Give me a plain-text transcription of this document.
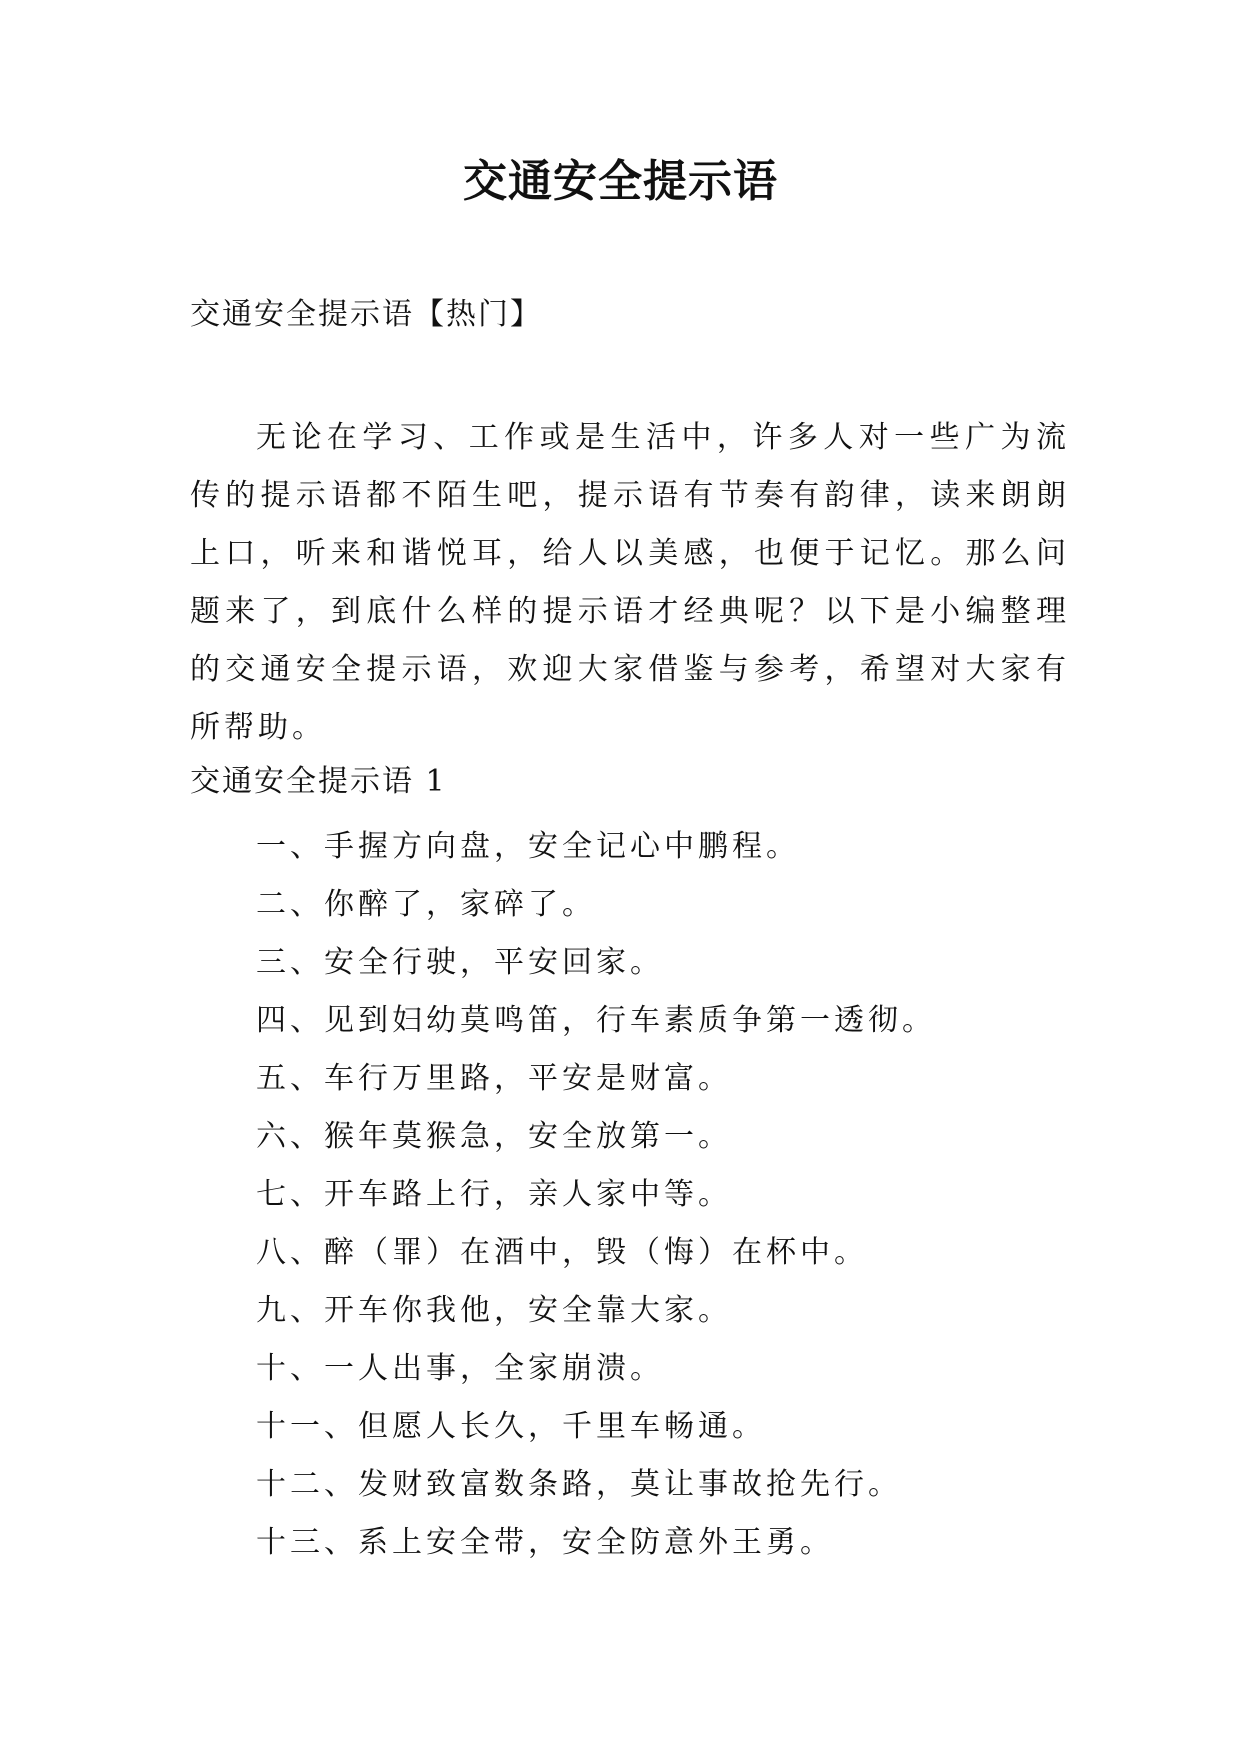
交通安全提示语
交通安全提示语【热门】

无论在学习、工作或是生活中，许多人对一些广为流传的提示语都不陌生吧，提示语有节奏有韵律，读来朗朗上口，听来和谐悦耳，给人以美感，也便于记忆。那么问题来了，到底什么样的提示语才经典呢？以下是小编整理的交通安全提示语，欢迎大家借鉴与参考，希望对大家有所帮助。

交通安全提示语 1
一、手握方向盘，安全记心中鹏程。
二、你醉了，家碎了。
三、安全行驶，平安回家。
四、见到妇幼莫鸣笛，行车素质争第一透彻。
五、车行万里路，平安是财富。
六、猴年莫猴急，安全放第一。
七、开车路上行，亲人家中等。
八、醉（罪）在酒中，毁（悔）在杯中。
九、开车你我他，安全靠大家。
十、一人出事，全家崩溃。
十一、但愿人长久，千里车畅通。
十二、发财致富数条路，莫让事故抢先行。
十三、系上安全带，安全防意外王勇。
